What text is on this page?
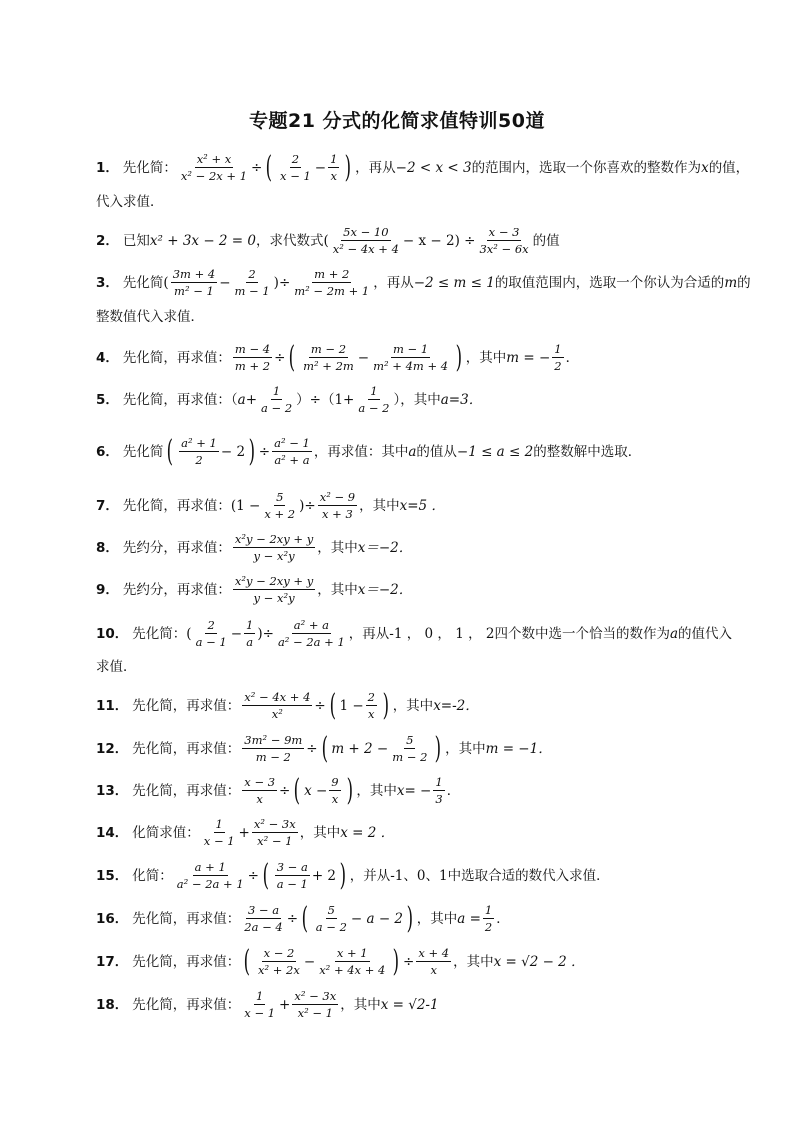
专题21 分式的化简求值特训50道
1． 先化简： $\frac{\text{x² + x}}{\text{x² − 2x + 1}}$ ÷ ( $\frac{2}{x - 1} - \frac{1}{x}$ ) ，再从 −2 < x < 3 的范围内，选取一个你喜欢的整数作为 x 的值，
代入求值．
2． 已知 x² + 3x − 2 = 0 ，求代数式( $\frac{5x - 10}{\text{x² − 4x + 4}} - x - 2) \div \frac{x - 3}{\text{3x² − 6x}}$ 的值
3． 先化简( $\frac{3m + 4}{\text{m² − 1}} - \frac{2}{m - 1}$ )÷ $\frac{m + 2}{\text{m² − 2m + 1}}$ ，再从 −2 ≤ m ≤ 1 的取值范围内，选取一个你认为合适的 m 的
整数值代入求值．
4． 先化简，再求值： $\frac{m - 4}{m + 2}$ ÷ ( $\frac{m - 2}{\text{m² + 2m}} - \frac{m - 1}{\text{m² + 4m + 4}}$ ) ，其中 m = − $\frac{1}{2}$ ．
5． 先化简，再求值：（ $a+ \frac{1}{a - 2} )\div(1+ \frac{1}{a - 2}$ ），其中 a=3．
6． 先化简 ( $\frac{\text{a² + 1}}{2} - 2$ ) ÷ $\frac{\text{a² − 1}}{\text{a² + a}}$ ，再求值：其中 a 的值从 −1 ≤ a ≤ 2 的整数解中选取．
7． 先化简，再求值： ($1 - \frac{5}{x + 2}$ )÷ $\frac{\text{x² − 9}}{x + 3}$ ，其中 x=5 ．
8． 先约分，再求值： $\frac{\text{x²y − 2xy + y}}{\text{y − x²y}}$ ，其中 x＝−2．
9． 先约分，再求值： $\frac{\text{x²y − 2xy + y}}{\text{y − x²y}}$ ，其中 x＝−2．
10． 先化简：( $\frac{2}{a - 1} - \frac{1}{a}$ )÷ $\frac{\text{a² + a}}{\text{a² − 2a + 1}}$ ，再从 -1 ， 0 ， 1 ， 2 四个数中选一个恰当的数作为 a 的值代入
求值．
11． 先化简，再求值： $\frac{\text{x² − 4x + 4}}{\text{x²}}$ ÷ ( $1 - \frac{2}{x}$ ) ，其中 x=-2．
12． 先化简，再求值： $\frac{\text{3m² − 9m}}{m - 2}$ ÷ ( $m + 2 - \frac{5}{m - 2}$ ) ，其中 m = −1．
13． 先化简，再求值： $\frac{x - 3}{x}$ ÷ ( $x - \frac{9}{x}$ ) ，其中 $x= - \frac{1}{3}$ ．
14． 化简求值： $\frac{1}{x - 1} + \frac{\text{x² − 3x}}{\text{x² − 1}}$ ，其中 x = 2 ．
15． 化简： $\frac{a + 1}{\text{a² − 2a + 1}}$ ÷ ( $\frac{3 - a}{a - 1} + 2$ ) ，并从-1、0、1中选取合适的数代入求值．
16． 先化简，再求值： $\frac{3 - a}{2a - 4}$ ÷ ( $\frac{5}{a - 2} - a - 2$ ) ，其中 $a = \frac{1}{2}$ ．
17． 先化简，再求值： ( $\frac{x - 2}{\text{x² + 2x}} - \frac{x + 1}{\text{x² + 4x + 4}}$ ) ÷ $\frac{x + 4}{x}$ ，其中 x = √2 − 2 ．
18． 先化简，再求值： $\frac{1}{x - 1} + \frac{\text{x² − 3x}}{\text{x² − 1}}$ ，其中 x = √2-1
